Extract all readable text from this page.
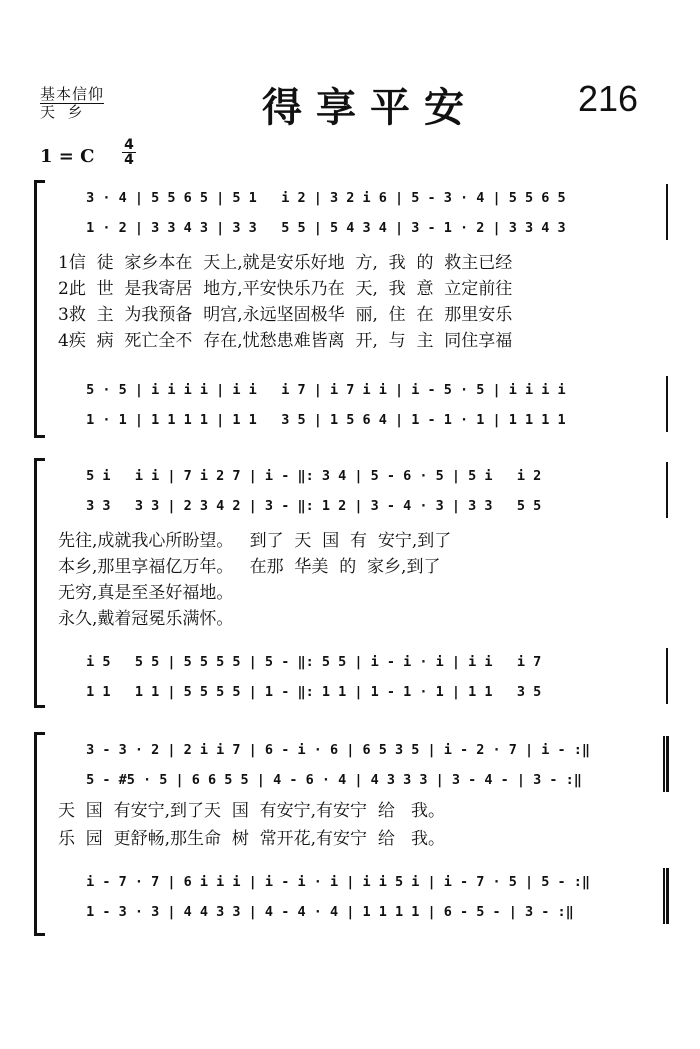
基本信仰
天  乡	得享平安	216
1 = C $\frac{4}{4}$
3 · 4 | 5 5 6 5 | 5 1   i 2 | 3 2 i 6 | 5 - 3 · 4 | 5 5 6 5
1 · 2 | 3 3 4 3 | 3 3   5 5 | 5 4 3 4 | 3 - 1 · 2 | 3 3 4 3
1信  徒  家乡本在  天上,就是安乐好地  方,  我  的  救主已经
2此  世  是我寄居  地方,平安快乐乃在  天,  我  意  立定前往
3救  主  为我预备  明宫,永远坚固极华  丽,  住  在  那里安乐
4疾  病  死亡全不  存在,忧愁患难皆离  开,  与  主  同住享福
5 · 5 | i i i i | i i   i 7 | i 7 i i | i - 5 · 5 | i i i i
1 · 1 | 1 1 1 1 | 1 1   3 5 | 1 5 6 4 | 1 - 1 · 1 | 1 1 1 1
5 i   i i | 7 i 2 7 | i - ‖: 3 4 | 5 - 6 · 5 | 5 i   i 2
3 3   3 3 | 2 3 4 2 | 3 - ‖: 1 2 | 3 - 4 · 3 | 3 3   5 5
先往,成就我心所盼望。   到了  天  国  有  安宁,到了
本乡,那里享福亿万年。   在那  华美  的  家乡,到了
无穷,真是至圣好福地。
永久,戴着冠冕乐满怀。
i 5   5 5 | 5 5 5 5 | 5 - ‖: 5 5 | i - i · i | i i   i 7
1 1   1 1 | 5 5 5 5 | 1 - ‖: 1 1 | 1 - 1 · 1 | 1 1   3 5
3 - 3 · 2 | 2 i i 7 | 6 - i · 6 | 6 5 3 5 | i - 2 · 7 | i - :‖
5 - #5 · 5 | 6 6 5 5 | 4 - 6 · 4 | 4 3 3 3 | 3 - 4 - | 3 - :‖
天  国  有安宁,到了天  国  有安宁,有安宁  给   我。
乐  园  更舒畅,那生命  树  常开花,有安宁  给   我。
i - 7 · 7 | 6 i i i | i - i · i | i i 5 i | i - 7 · 5 | 5 - :‖
1 - 3 · 3 | 4 4 3 3 | 4 - 4 · 4 | 1 1 1 1 | 6 - 5 - | 3 - :‖
